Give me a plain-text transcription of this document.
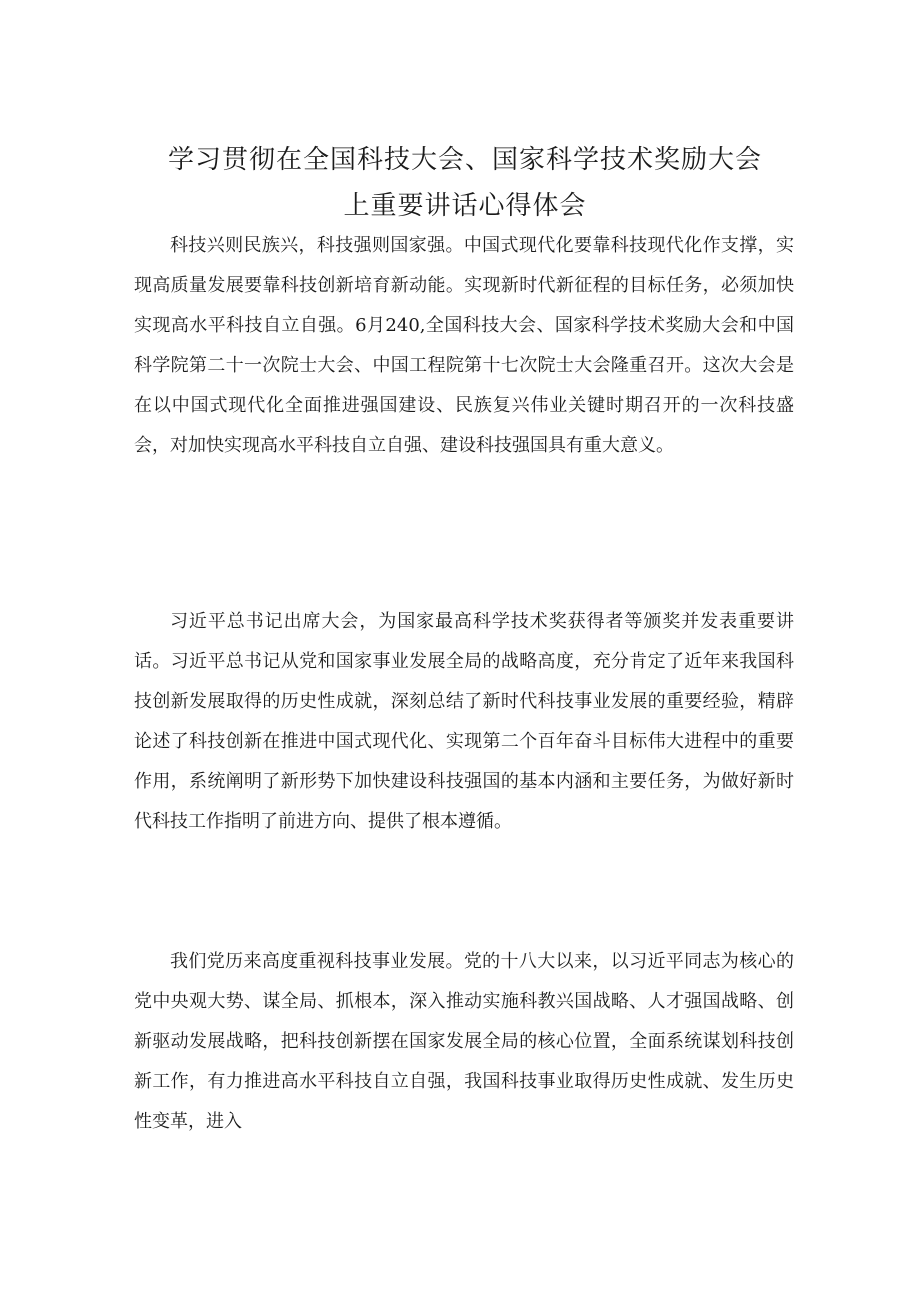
学习贯彻在全国科技大会、国家科学技术奖励大会
上重要讲话心得体会

科技兴则民族兴，科技强则国家强。中国式现代化要靠科技现代化作支撑，实现高质量发展要靠科技创新培育新动能。实现新时代新征程的目标任务，必须加快实现高水平科技自立自强。6月240,全国科技大会、国家科学技术奖励大会和中国科学院第二十一次院士大会、中国工程院第十七次院士大会隆重召开。这次大会是在以中国式现代化全面推进强国建设、民族复兴伟业关键时期召开的一次科技盛会，对加快实现高水平科技自立自强、建设科技强国具有重大意义。

习近平总书记出席大会，为国家最高科学技术奖获得者等颁奖并发表重要讲话。习近平总书记从党和国家事业发展全局的战略高度，充分肯定了近年来我国科技创新发展取得的历史性成就，深刻总结了新时代科技事业发展的重要经验，精辟论述了科技创新在推进中国式现代化、实现第二个百年奋斗目标伟大进程中的重要作用，系统阐明了新形势下加快建设科技强国的基本内涵和主要任务，为做好新时代科技工作指明了前进方向、提供了根本遵循。

我们党历来高度重视科技事业发展。党的十八大以来，以习近平同志为核心的党中央观大势、谋全局、抓根本，深入推动实施科教兴国战略、人才强国战略、创新驱动发展战略，把科技创新摆在国家发展全局的核心位置，全面系统谋划科技创新工作，有力推进高水平科技自立自强，我国科技事业取得历史性成就、发生历史性变革，进入
